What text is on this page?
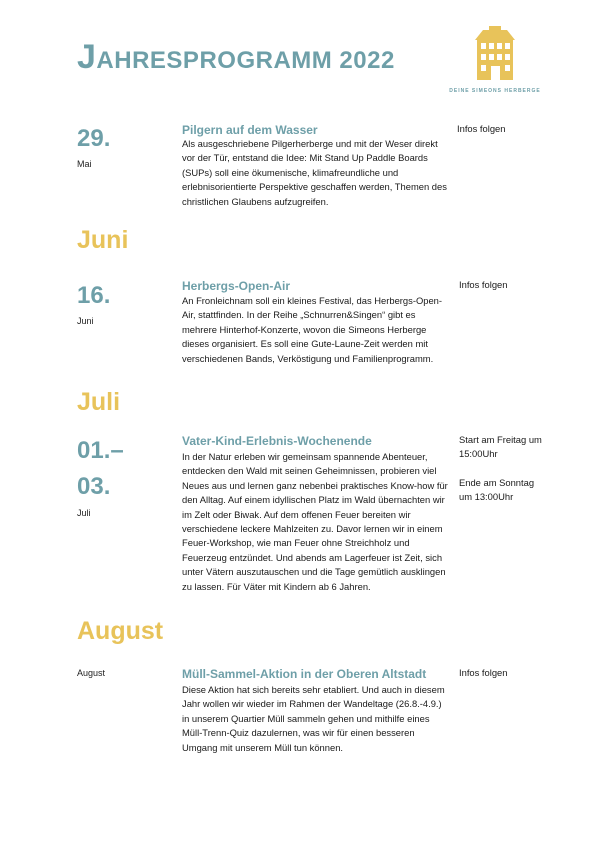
JAHRESPROGRAMM 2022
DEINE SIMEONS HERBERGE
29.
Mai
Pilgern auf dem Wasser
Als ausgeschriebene Pilgerherberge und mit der Weser direkt vor der Tür, entstand die Idee: Mit Stand Up Paddle Boards (SUPs) soll eine ökumenische, klimafreundliche und erlebnisorientierte Perspektive geschaffen werden, Themen des christlichen Glaubens aufzugreifen.
Infos folgen
Juni
16.
Juni
Herbergs-Open-Air
An Fronleichnam soll ein kleines Festival, das Herbergs-Open-Air, stattfinden. In der Reihe „Schnurren&Singen“ gibt es mehrere Hinterhof-Konzerte, wovon die Simeons Herberge dieses organisiert. Es soll eine Gute-Laune-Zeit werden mit verschiedenen Bands, Verköstigung und Familienprogramm.
Infos folgen
Juli
01.–
03.
Juli
Vater-Kind-Erlebnis-Wochenende
In der Natur erleben wir gemeinsam spannende Abenteuer, entdecken den Wald mit seinen Geheimnissen, probieren viel Neues aus und lernen ganz nebenbei praktisches Know-how für den Alltag. Auf einem idyllischen Platz im Wald übernachten wir im Zelt oder Biwak. Auf dem offenen Feuer bereiten wir verschiedene leckere Mahlzeiten zu. Davor lernen wir in einem Feuer-Workshop, wie man Feuer ohne Streichholz und Feuerzeug entzündet. Und abends am Lagerfeuer ist Zeit, sich unter Vätern auszutauschen und die Tage gemütlich ausklingen zu lassen. Für Väter mit Kindern ab 6 Jahren.
Start am Freitag um
15:00Uhr
Ende am Sonntag
um 13:00Uhr
August
August	Müll-Sammel-Aktion in der Oberen Altstadt
Diese Aktion hat sich bereits sehr etabliert. Und auch in diesem Jahr wollen wir wieder im Rahmen der Wandeltage (26.8.-4.9.) in unserem Quartier Müll sammeln gehen und mithilfe eines Müll-Trenn-Quiz dazulernen, was wir für einen besseren Umgang mit unserem Müll tun können.
Infos folgen
